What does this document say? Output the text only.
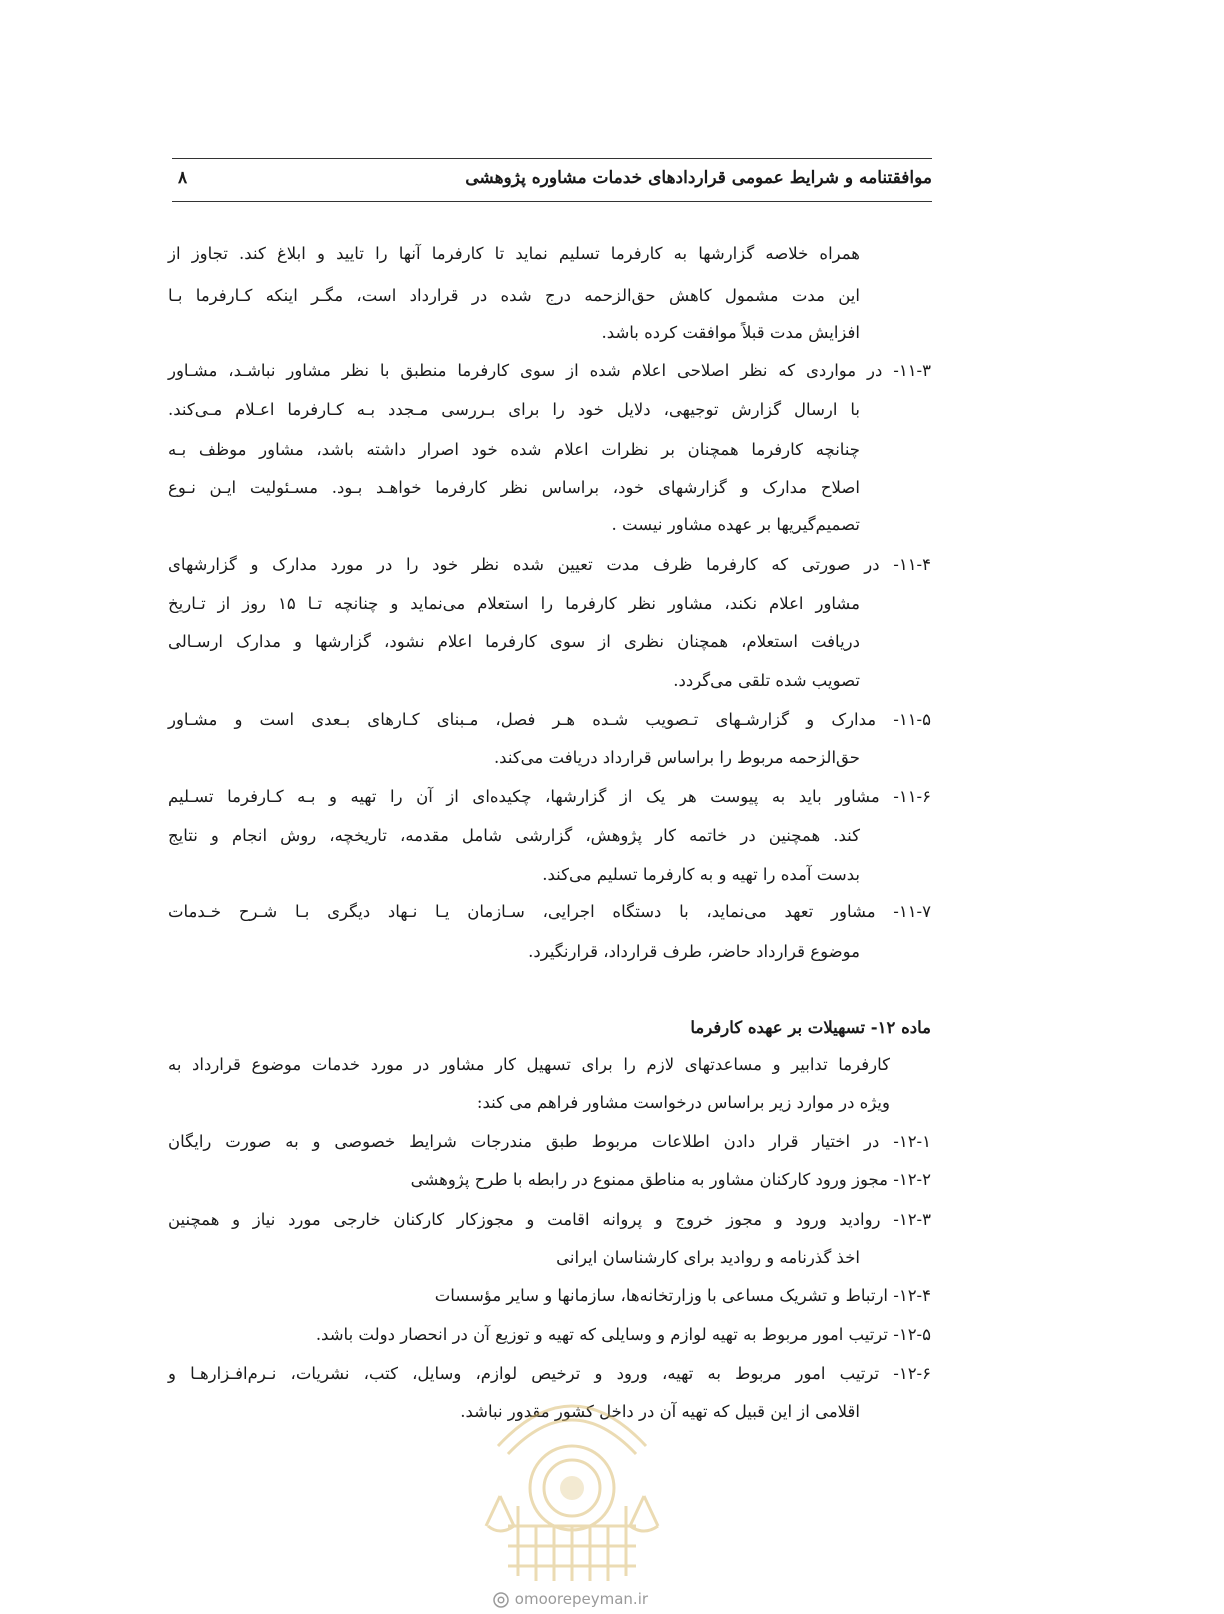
موافقتنامه و شرایط عمومی قراردادهای خدمات مشاوره پژوهشی
۸
همراه خلاصه گزارشها به کارفرما تسلیم نماید تا کارفرما آنها را تایید و ابلاغ کند. تجاوز از
این مدت مشمول کاهش حق‌الزحمه درج شده در قرارداد است، مگـر اینکه کـارفرما بـا
افزایش مدت قبلاً موافقت کرده باشد.
۱۱-۳- در مواردی که نظر اصلاحی اعلام شده از سوی کارفرما منطبق با نظر مشاور نباشـد، مشـاور
با ارسال گزارش توجیهی، دلایل خود را برای بـررسی مـجدد بـه کـارفرما اعـلام مـی‌کند.
چنانچه کارفرما همچنان بر نظرات اعلام شده خود اصرار داشته باشد، مشاور موظف بـه
اصلاح مدارک و گزارشهای خود، براساس نظر کارفرما خواهـد بـود. مسـئولیت ایـن نـوع
تصمیم‌گیریها بر عهده مشاور نیست .
۱۱-۴- در صورتی که کارفرما ظرف مدت تعیین شده نظر خود را در مورد مدارک و گزارشهای
مشاور اعلام نکند، مشاور نظر کارفرما را استعلام می‌نماید و چنانچه تـا ۱۵ روز از تـاریخ
دریافت استعلام، همچنان نظری از سوی کارفرما اعلام نشود، گزارشها و مدارک ارسـالی
تصویب شده تلقی می‌گردد.
۱۱-۵- مدارک و گزارشـهای تـصویب شـده هـر فصل، مـبنای کـارهای بـعدی است و مشـاور
حق‌الزحمه مربوط را براساس قرارداد دریافت می‌کند.
۱۱-۶- مشاور باید به پیوست هر یک از گزارشها، چکیده‌ای از آن را تهیه و بـه کـارفرما تسـلیم
کند. همچنین در خاتمه کار پژوهش، گزارشی شامل مقدمه، تاریخچه، روش انجام و نتایج
بدست آمده را تهیه و به کارفرما تسلیم می‌کند.
۱۱-۷- مشاور تعهد می‌نماید، با دستگاه اجرایی، سـازمان یـا نـهاد دیگری بـا شـرح خـدمات
موضوع قرارداد حاضر، طرف قرارداد، قرارنگیرد.
ماده ۱۲- تسهیلات بر عهده کارفرما
کارفرما تدابیر و مساعدتهای لازم را برای تسهیل کار مشاور در مورد خدمات موضوع قرارداد به
ویژه در موارد زیر براساس درخواست مشاور فراهم می کند:
۱۲-۱- در اختیار قرار دادن اطلاعات مربوط طبق مندرجات شرایط خصوصی و به صورت رایگان
۱۲-۲- مجوز ورود کارکنان مشاور به مناطق ممنوع در رابطه با طرح پژوهشی
۱۲-۳- روادید ورود و مجوز خروج و پروانه اقامت و مجوزکار کارکنان خارجی مورد نیاز و همچنین
اخذ گذرنامه و روادید برای کارشناسان ایرانی
۱۲-۴- ارتباط و تشریک مساعی با وزارتخانه‌ها، سازمانها و سایر مؤسسات
۱۲-۵- ترتیب امور مربوط به تهیه لوازم و وسایلی که تهیه و توزیع آن در انحصار دولت باشد.
۱۲-۶- ترتیب امور مربوط به تهیه، ورود و ترخیص لوازم، وسایل، کتب، نشریات، نـرم‌افـزارهـا و
اقلامی از این قبیل که تهیه آن در داخل کشور مقدور نباشد.
omoorepeyman.ir
